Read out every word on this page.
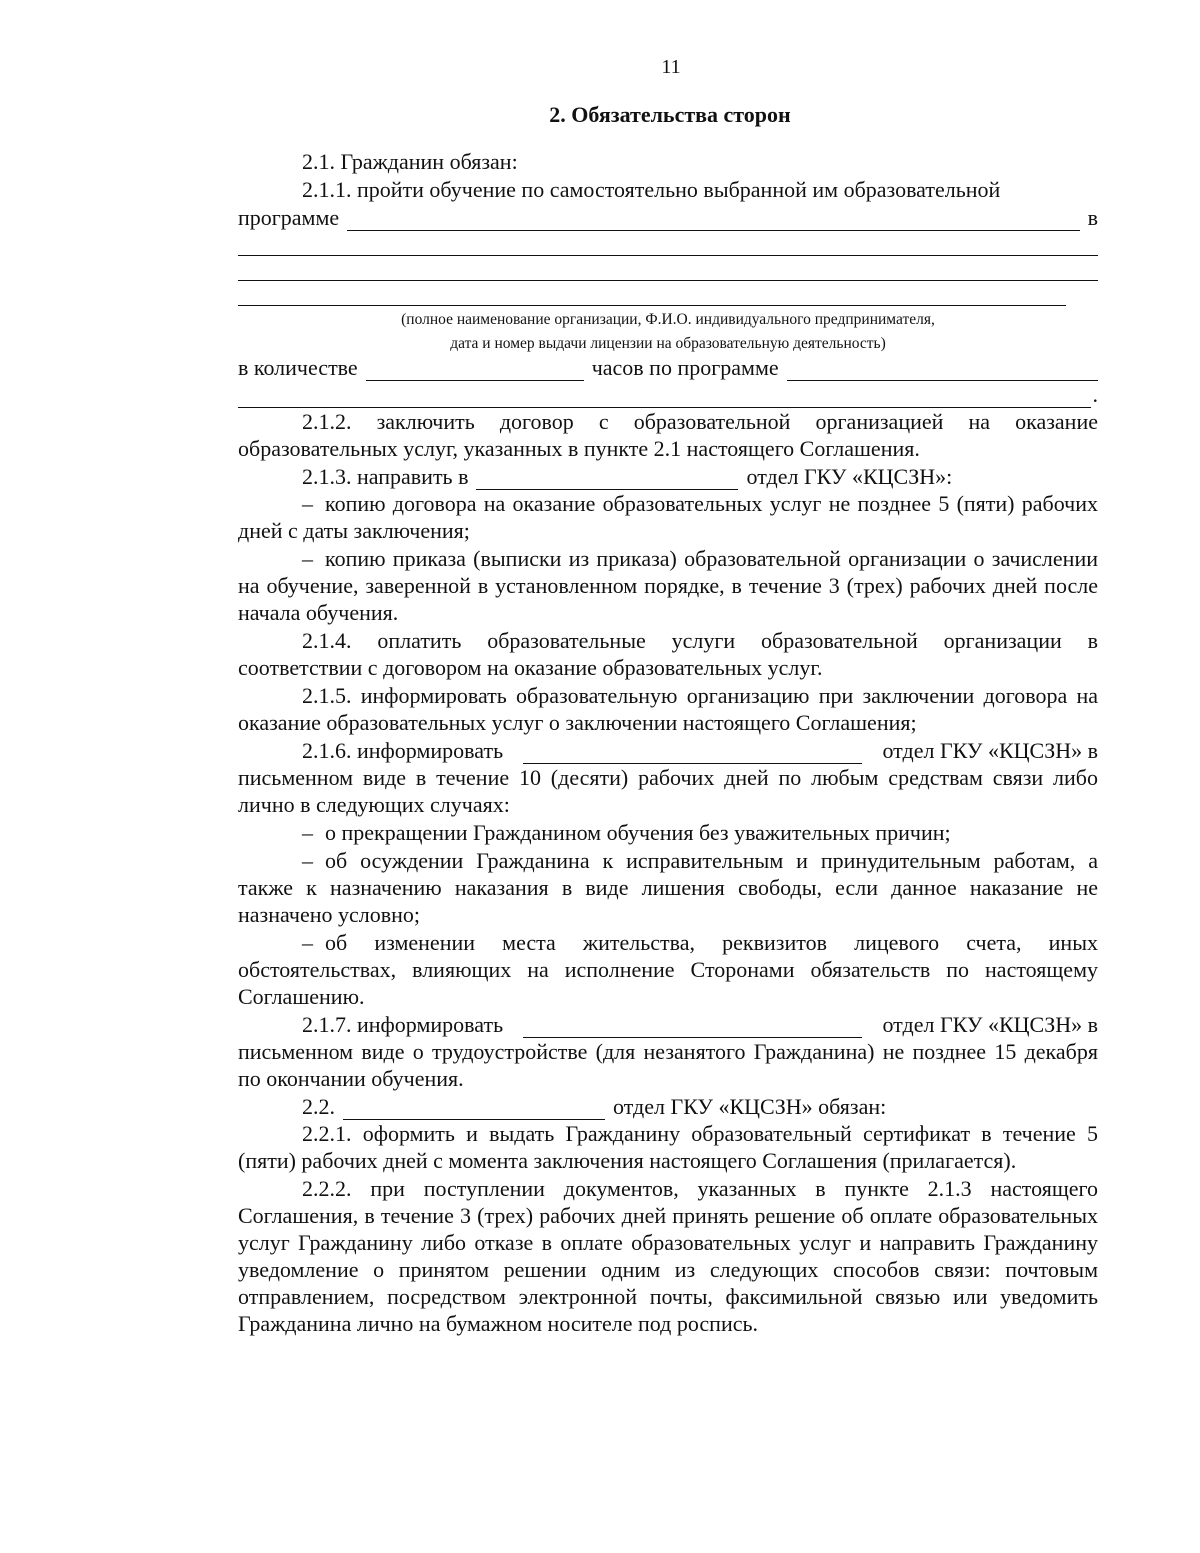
11
2. Обязательства сторон

2.1. Гражданин обязан:

2.1.1. пройти обучение по самостоятельно выбранной им образовательной

программе	в
(полное наименование организации, Ф.И.О. индивидуального предпринимателя,
дата и номер выдачи лицензии на образовательную деятельность)
в количестве	часов по программе
.

2.1.2. заключить договор с образовательной организацией на оказание образовательных услуг, указанных в пункте 2.1 настоящего Соглашения.

2.1.3. направить в	отдел ГКУ «КЦСЗН»:

– копию договора на оказание образовательных услуг не позднее 5 (пяти) рабочих дней с даты заключения;

– копию приказа (выписки из приказа) образовательной организации о зачислении на обучение, заверенной в установленном порядке, в течение 3 (трех) рабочих дней после начала обучения.

2.1.4. оплатить образовательные услуги образовательной организации в соответствии с договором на оказание образовательных услуг.

2.1.5. информировать образовательную организацию при заключении договора на оказание образовательных услуг о заключении настоящего Соглашения;

2.1.6. информировать	отдел ГКУ «КЦСЗН» в

письменном виде в течение 10 (десяти) рабочих дней по любым средствам связи либо лично в следующих случаях:

– о прекращении Гражданином обучения без уважительных причин;

– об осуждении Гражданина к исправительным и принудительным работам, а также к назначению наказания в виде лишения свободы, если данное наказание не назначено условно;

– об изменении места жительства, реквизитов лицевого счета, иных обстоятельствах, влияющих на исполнение Сторонами обязательств по настоящему Соглашению.

2.1.7. информировать	отдел ГКУ «КЦСЗН» в

письменном виде о трудоустройстве (для незанятого Гражданина) не позднее 15 декабря по окончании обучения.

2.2.	отдел ГКУ «КЦСЗН» обязан:

2.2.1. оформить и выдать Гражданину образовательный сертификат в течение 5 (пяти) рабочих дней с момента заключения настоящего Соглашения (прилагается).

2.2.2. при поступлении документов, указанных в пункте 2.1.3 настоящего Соглашения, в течение 3 (трех) рабочих дней принять решение об оплате образовательных услуг Гражданину либо отказе в оплате образовательных услуг и направить Гражданину уведомление о принятом решении одним из следующих способов связи: почтовым отправлением, посредством электронной почты, факсимильной связью или уведомить Гражданина лично на бумажном носителе под роспись.
